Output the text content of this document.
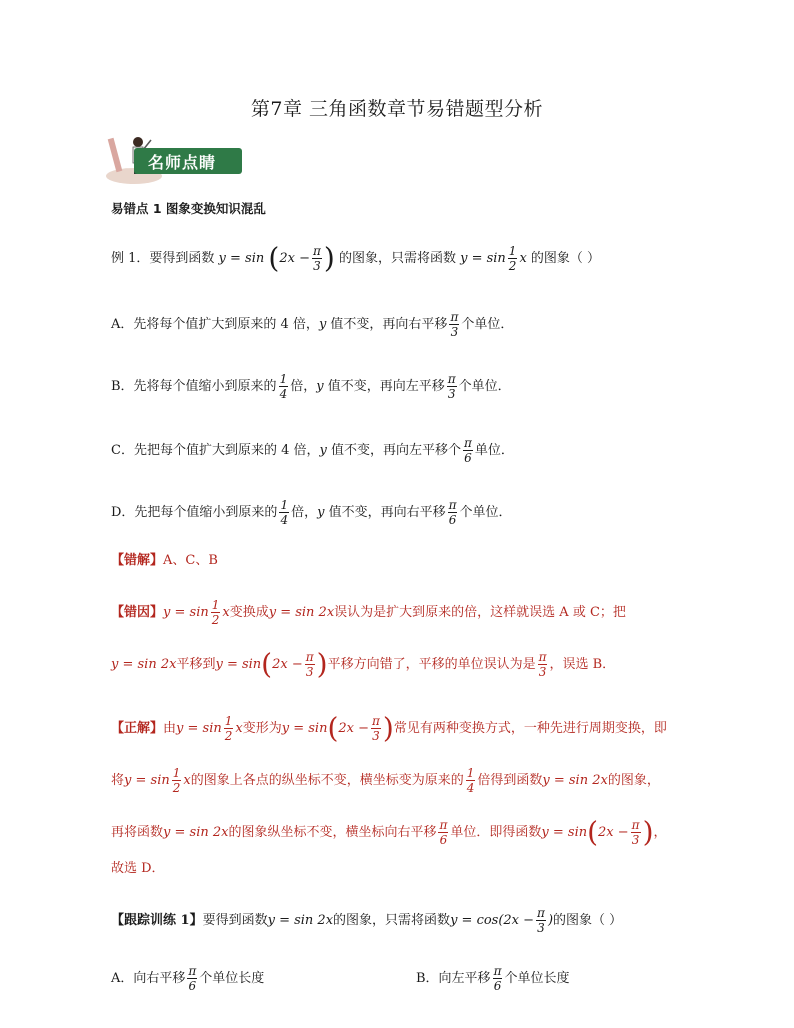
第7章 三角函数章节易错题型分析
名师点睛
易错点 1 图象变换知识混乱
例 1．要得到函数 $y = \sin (2x - \frac{\pi}{3}$ ) 的图象，只需将函数 $y = \sin \frac{1}{2}$ x 的图象（ ）
A．先将每个值扩大到原来的 4 倍，y 值不变，再向右平移 $\frac{\pi}{3}$ 个单位．
B．先将每个值缩小到原来的 $\frac{1}{4}$ 倍，y 值不变，再向左平移 $\frac{\pi}{3}$ 个单位．
C．先把每个值扩大到原来的 4 倍，y 值不变，再向左平移个 $\frac{\pi}{6}$ 单位．
D．先把每个值缩小到原来的 $\frac{1}{4}$ 倍，y 值不变，再向右平移 $\frac{\pi}{6}$ 个单位．
【错解】A、C、B
【错因】$y = \sin \frac{1}{2}$ x变换成y = sin 2x误认为是扩大到原来的倍，这样就误选 A 或 C；把
y = sin 2x平移到$y = \sin(2x - \frac{\pi}{3}$ )平移方向错了，平移的单位误认为是 $\frac{\pi}{3}$ ，误选 B．
【正解】由$y = \sin \frac{1}{2}$ x变形为$y = \sin(2x - \frac{\pi}{3}$ )常见有两种变换方式，一种先进行周期变换，即
将$y = \sin \frac{1}{2}$ x的图象上各点的纵坐标不变，横坐标变为原来的 $\frac{1}{4}$ 倍得到函数y = sin 2x的图象，
再将函数y = sin 2x的图象纵坐标不变，横坐标向右平移 $\frac{\pi}{6}$ 单位．即得函数$y = \sin(2x - \frac{\pi}{3}$ )，
故选 D．
【跟踪训练 1】要得到函数y = sin 2x的图象，只需将函数$y = \cos(2x - \frac{\pi}{3}$ )的图象（ ）
A．向右平移 $\frac{\pi}{6}$ 个单位长度	B．向左平移 $\frac{\pi}{6}$ 个单位长度
